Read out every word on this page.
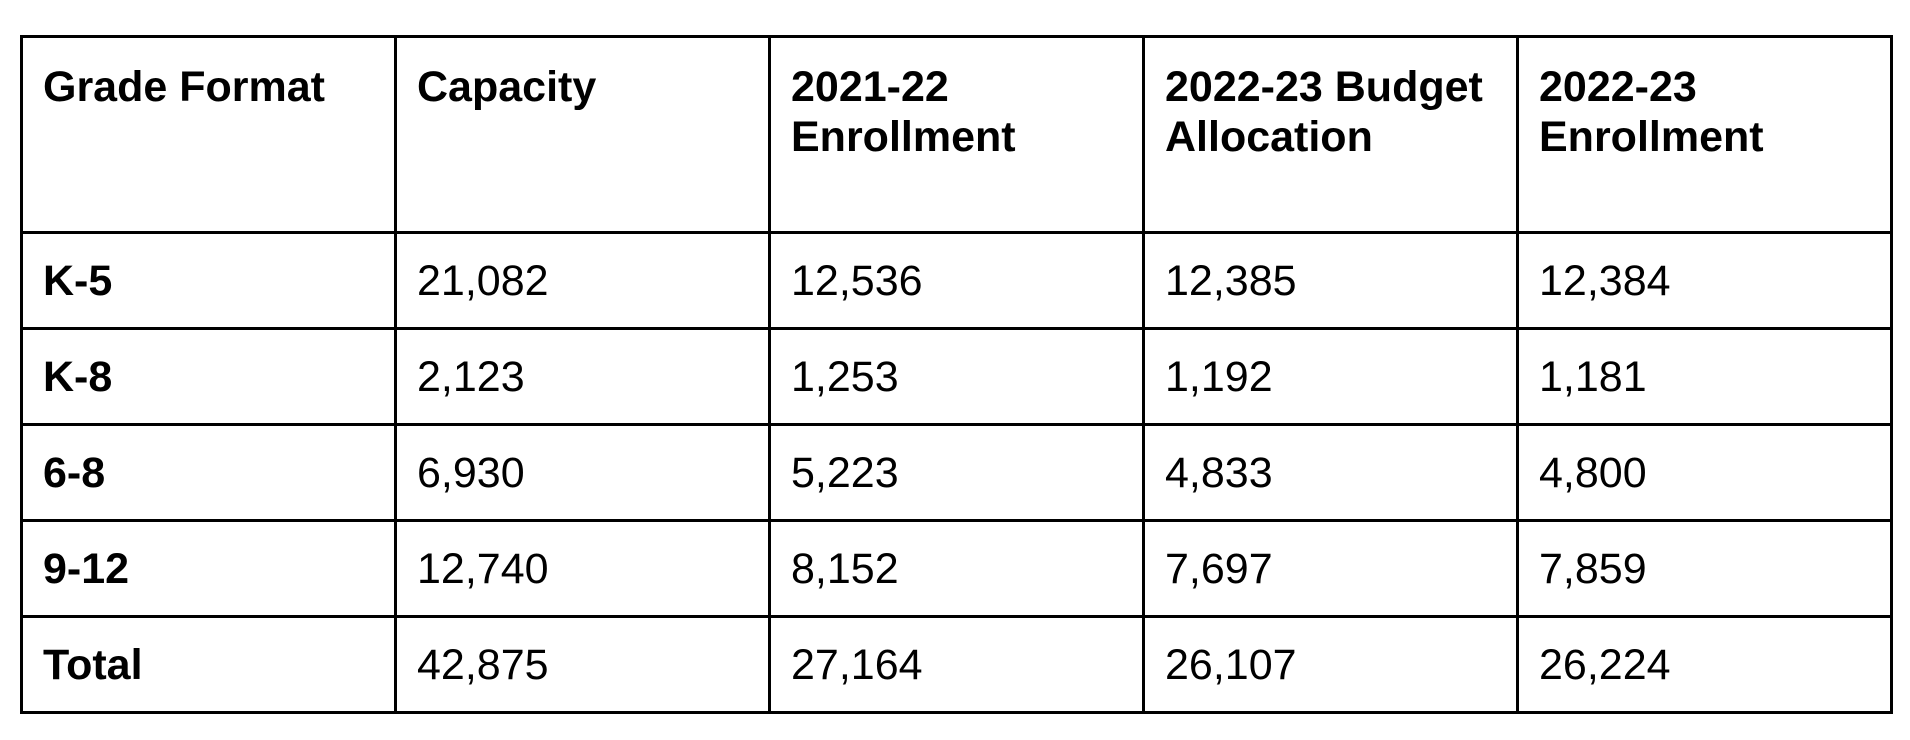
Grade Format	Capacity	2021-22 Enrollment	2022-23 Budget Allocation	2022-23 Enrollment
K-5	21,082	12,536	12,385	12,384
K-8	2,123	1,253	1,192	1,181
6-8	6,930	5,223	4,833	4,800
9-12	12,740	8,152	7,697	7,859
Total	42,875	27,164	26,107	26,224
